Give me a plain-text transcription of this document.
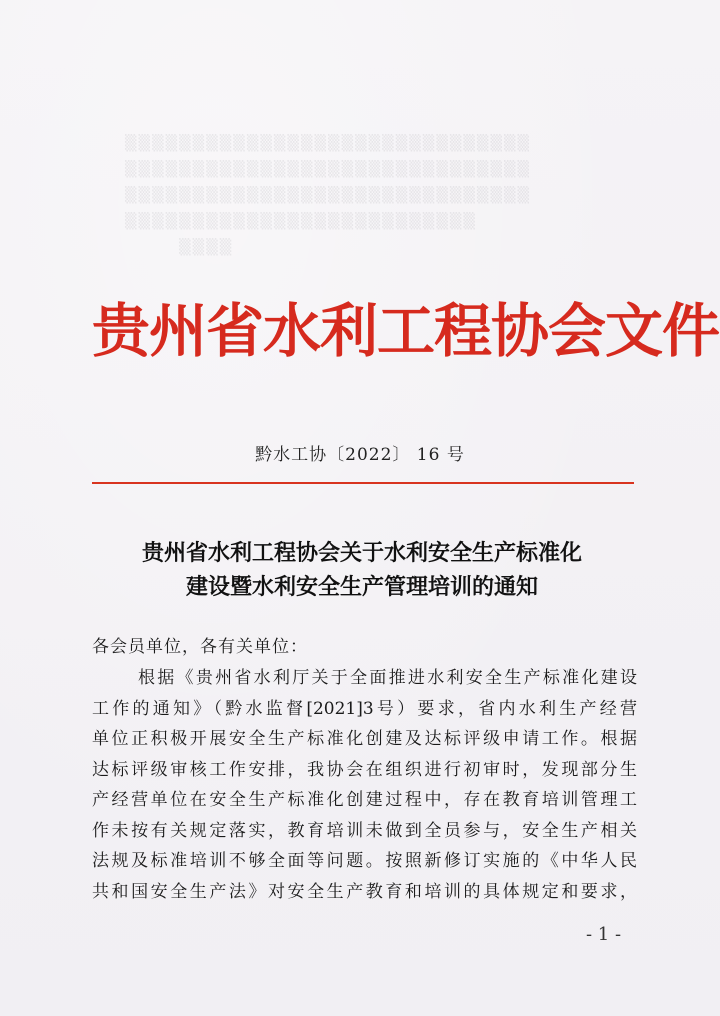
▒▒▒▒▒▒▒▒▒▒▒▒▒▒▒▒▒▒▒▒▒▒▒▒▒▒▒▒▒▒
▒▒▒▒▒▒▒▒▒▒▒▒▒▒▒▒▒▒▒▒▒▒▒▒▒▒▒▒▒▒
▒▒▒▒▒▒▒▒▒▒▒▒▒▒▒▒▒▒▒▒▒▒▒▒▒▒▒▒▒▒
▒▒▒▒▒▒▒▒▒▒▒▒▒▒▒▒▒▒▒▒▒▒▒▒▒▒
▒▒▒▒
贵州省水利工程协会文件
黔水工协〔2022〕 16 号
贵州省水利工程协会关于水利安全生产标准化
建设暨水利安全生产管理培训的通知
各会员单位，各有关单位：
根据《贵州省水利厅关于全面推进水利安全生产标准化建设
工作的通知》（黔水监督[2021]3号）要求，省内水利生产经营
单位正积极开展安全生产标准化创建及达标评级申请工作。根据
达标评级审核工作安排，我协会在组织进行初审时，发现部分生
产经营单位在安全生产标准化创建过程中，存在教育培训管理工
作未按有关规定落实，教育培训未做到全员参与，安全生产相关
法规及标准培训不够全面等问题。按照新修订实施的《中华人民
共和国安全生产法》对安全生产教育和培训的具体规定和要求，
- 1 -
